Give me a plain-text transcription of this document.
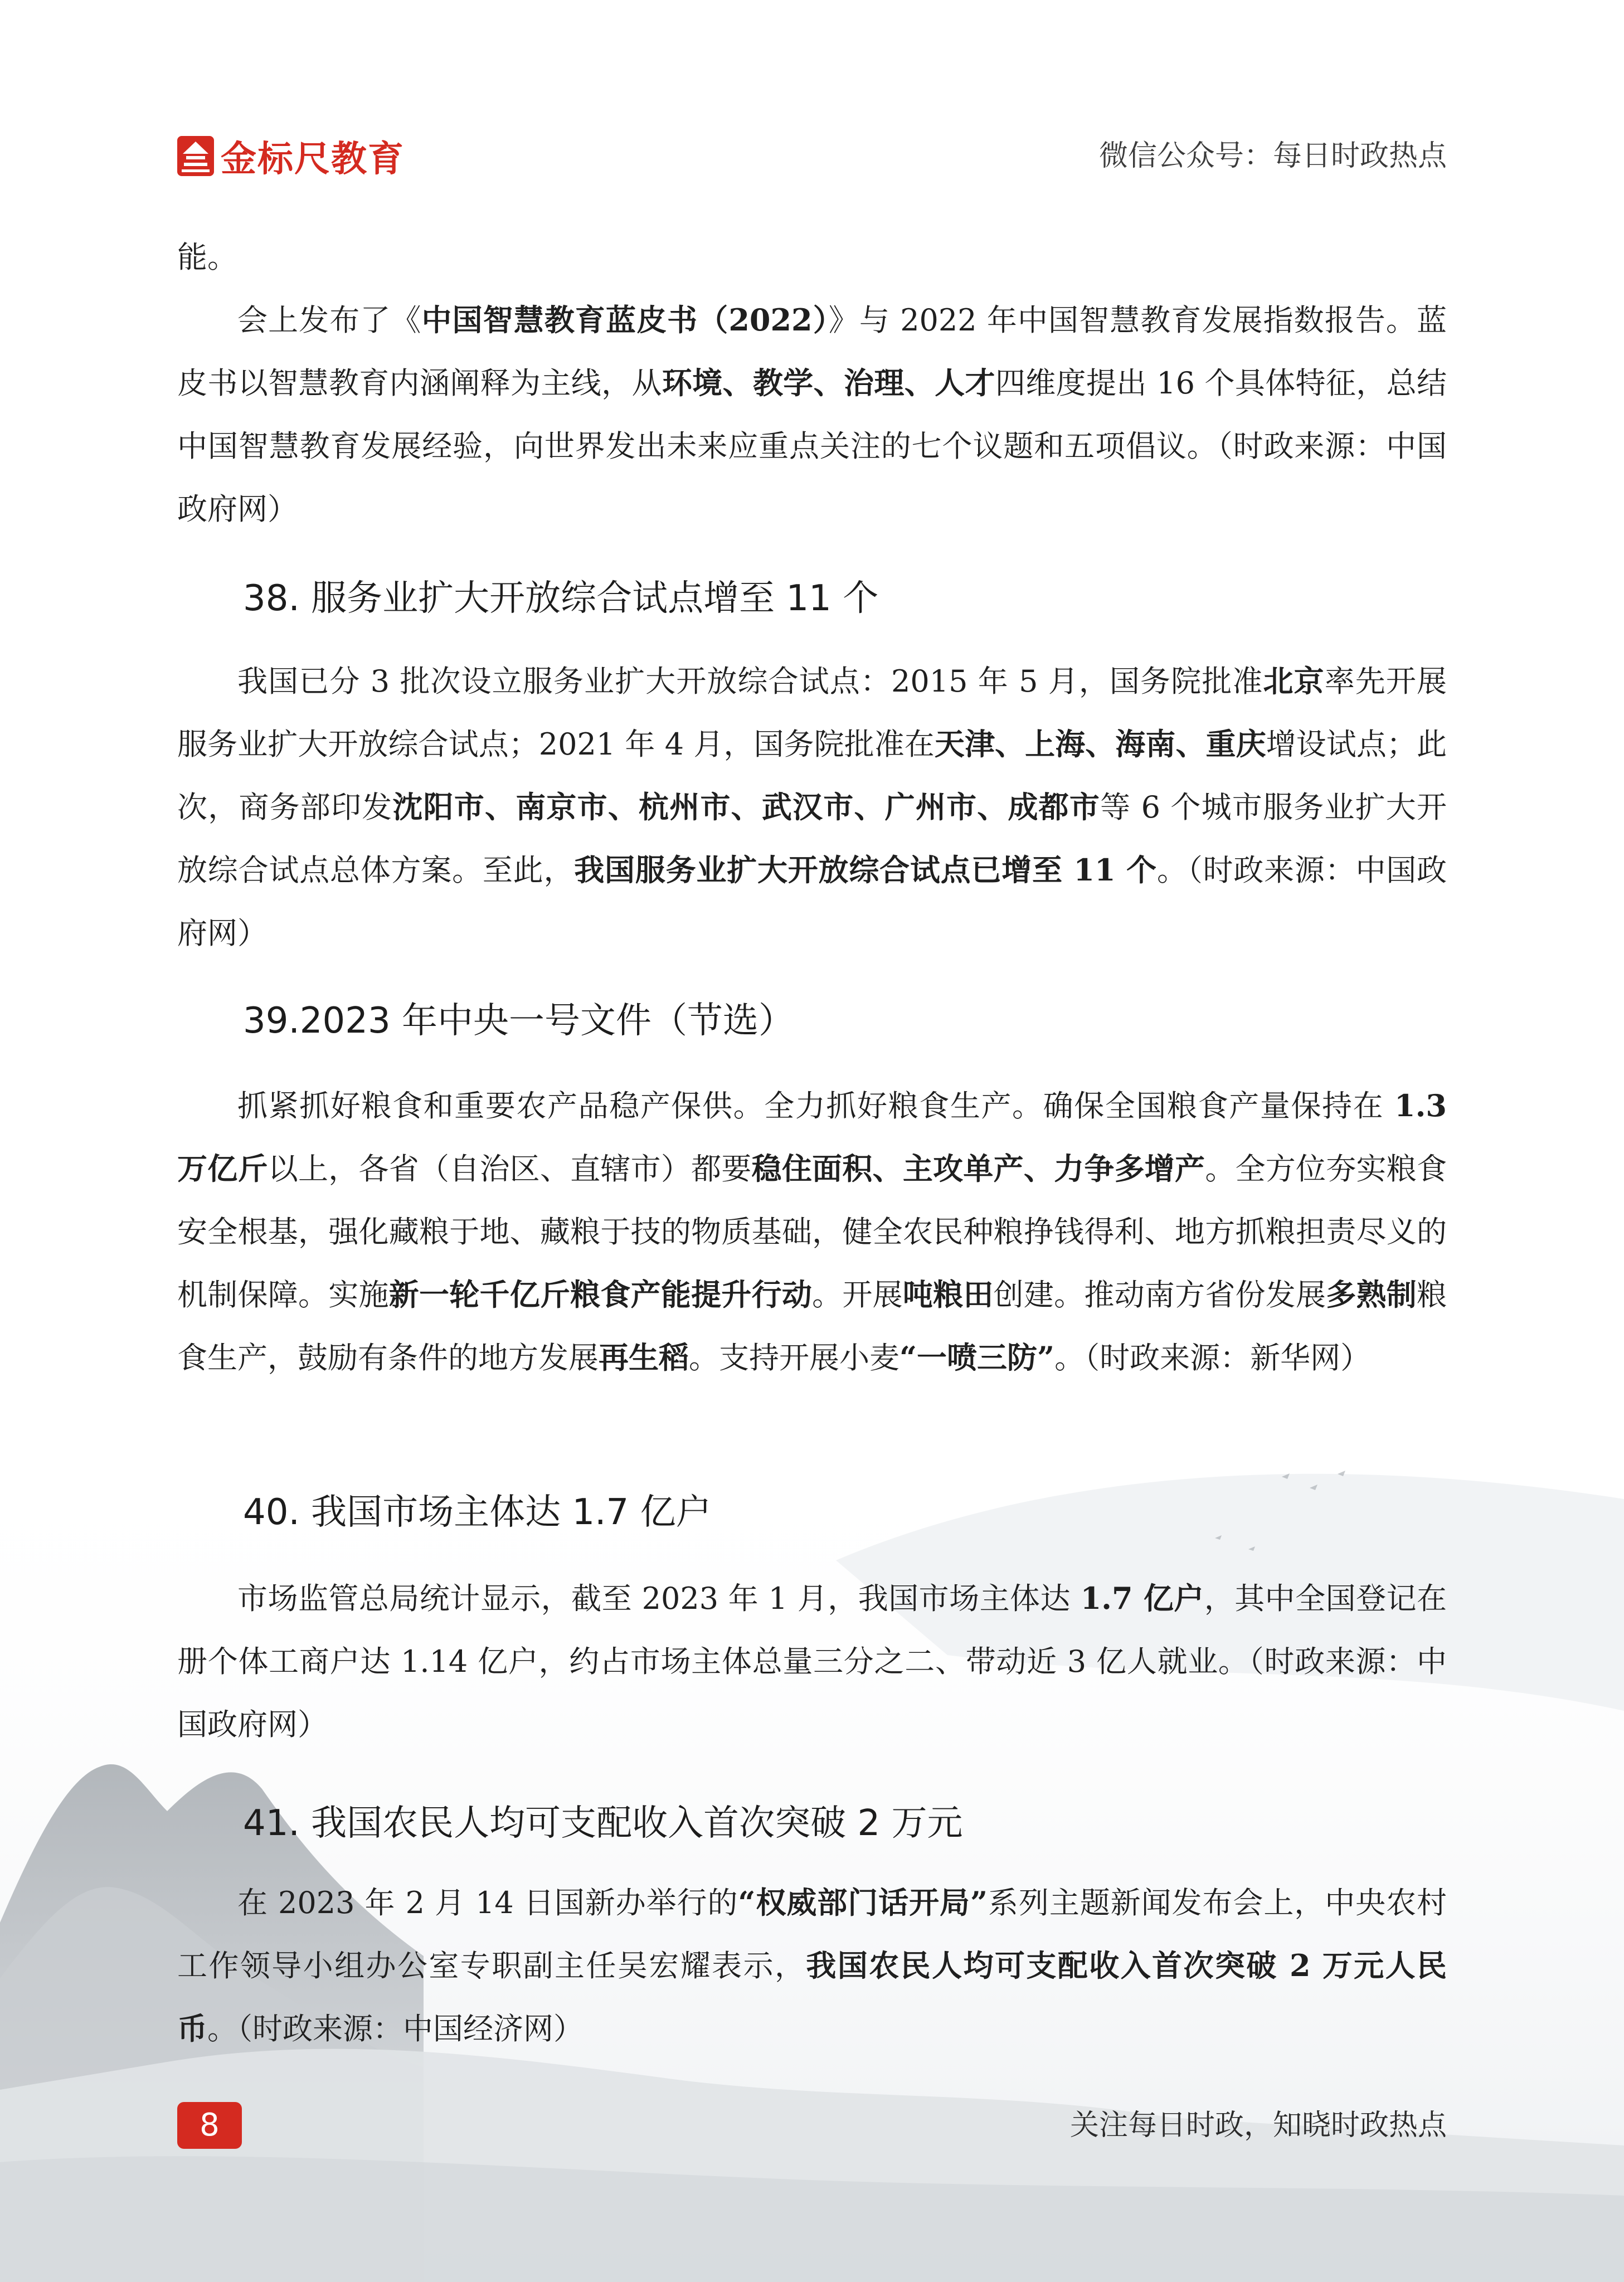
金标尺教育	微信公众号：每日时政热点
能。
会上发布了《中国智慧教育蓝皮书（2022）》与 2022 年中国智慧教育发展指数报告。蓝皮书以智慧教育内涵阐释为主线，从环境、教学、治理、人才四维度提出 16 个具体特征，总结中国智慧教育发展经验，向世界发出未来应重点关注的七个议题和五项倡议。（时政来源：中国政府网）
38. 服务业扩大开放综合试点增至 11 个
我国已分 3 批次设立服务业扩大开放综合试点：2015 年 5 月，国务院批准北京率先开展服务业扩大开放综合试点；2021 年 4 月，国务院批准在天津、上海、海南、重庆增设试点；此次，商务部印发沈阳市、南京市、杭州市、武汉市、广州市、成都市等 6 个城市服务业扩大开放综合试点总体方案。至此，我国服务业扩大开放综合试点已增至 11 个。（时政来源：中国政府网）
39.2023 年中央一号文件（节选）
抓紧抓好粮食和重要农产品稳产保供。全力抓好粮食生产。确保全国粮食产量保持在 1.3 万亿斤以上，各省（自治区、直辖市）都要稳住面积、主攻单产、力争多增产。全方位夯实粮食安全根基，强化藏粮于地、藏粮于技的物质基础，健全农民种粮挣钱得利、地方抓粮担责尽义的机制保障。实施新一轮千亿斤粮食产能提升行动。开展吨粮田创建。推动南方省份发展多熟制粮食生产，鼓励有条件的地方发展再生稻。支持开展小麦“一喷三防”。（时政来源：新华网）
40. 我国市场主体达 1.7 亿户
市场监管总局统计显示，截至 2023 年 1 月，我国市场主体达 1.7 亿户，其中全国登记在册个体工商户达 1.14 亿户，约占市场主体总量三分之二、带动近 3 亿人就业。（时政来源：中国政府网）
41. 我国农民人均可支配收入首次突破 2 万元
在 2023 年 2 月 14 日国新办举行的“权威部门话开局”系列主题新闻发布会上，中央农村工作领导小组办公室专职副主任吴宏耀表示，我国农民人均可支配收入首次突破 2 万元人民币。（时政来源：中国经济网）
8	关注每日时政，知晓时政热点
